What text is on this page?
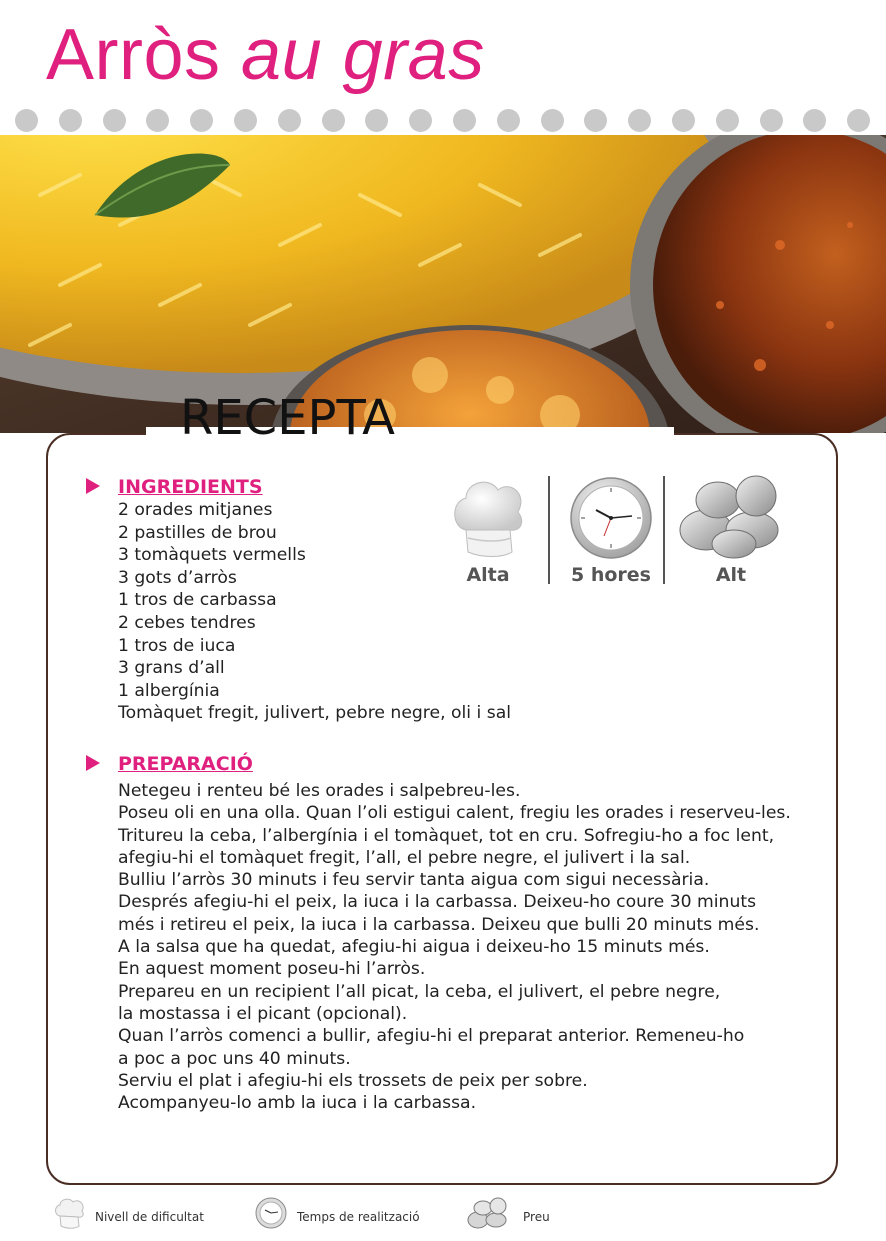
Arròs au gras
RECEPTA
INGREDIENTS
2 orades mitjanes
2 pastilles de brou
3 tomàquets vermells
3 gots d’arròs
1 tros de carbassa
2 cebes tendres
1 tros de iuca
3 grans d’all
1 albergínia
Tomàquet fregit, julivert, pebre negre, oli i sal
Alta	5 hores	Alt
PREPARACIÓ
Netegeu i renteu bé les orades i salpebreu-les.
Poseu oli en una olla. Quan l’oli estigui calent, fregiu les orades i reserveu-les.
Tritureu la ceba, l’albergínia i el tomàquet, tot en cru. Sofregiu-ho a foc lent,
afegiu-hi el tomàquet fregit, l’all, el pebre negre, el julivert i la sal.
Bulliu l’arròs 30 minuts i feu servir tanta aigua com sigui necessària.
Després afegiu-hi el peix, la iuca i la carbassa. Deixeu-ho coure 30 minuts
més i retireu el peix, la iuca i la carbassa. Deixeu que bulli 20 minuts més.
A la salsa que ha quedat, afegiu-hi aigua i deixeu-ho 15 minuts més.
En aquest moment poseu-hi l’arròs.
Prepareu en un recipient l’all picat, la ceba, el julivert, el pebre negre,
la mostassa i el picant (opcional).
Quan l’arròs comenci a bullir, afegiu-hi el preparat anterior. Remeneu-ho
a poc a poc uns 40 minuts.
Serviu el plat i afegiu-hi els trossets de peix per sobre.
Acompanyeu-lo amb la iuca i la carbassa.
Nivell de dificultat	Temps de realització	Preu
